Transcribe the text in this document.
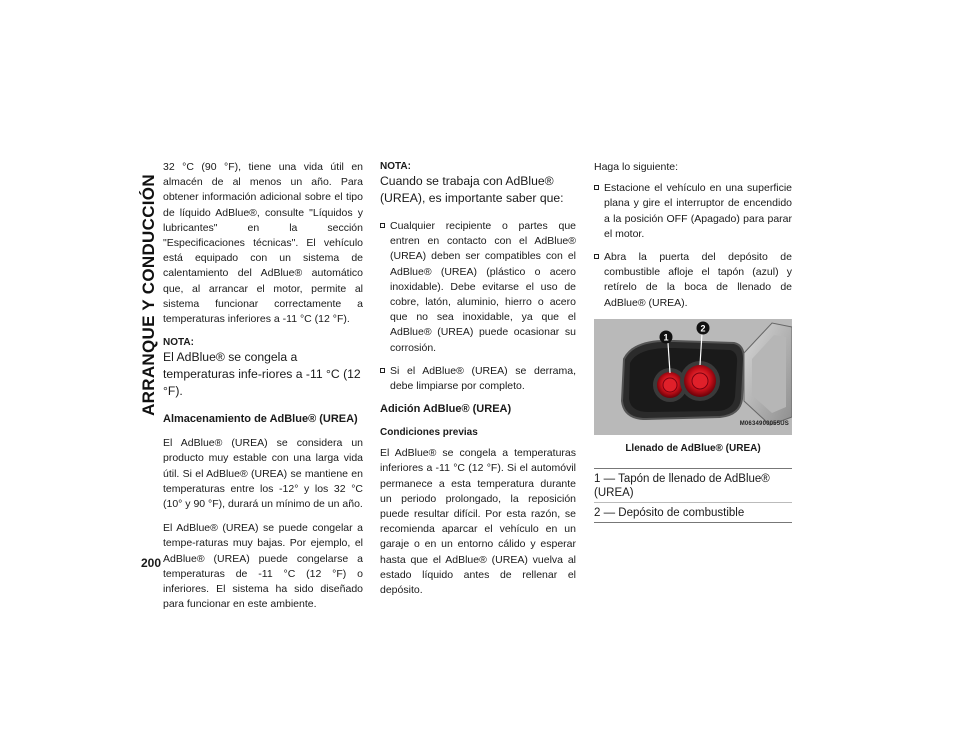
ARRANQUE Y CONDUCCIÓN
200

32 °C (90 °F), tiene una vida útil en almacén de al menos un año. Para obtener información adicional sobre el tipo de líquido AdBlue®, consulte "Líquidos y lubricantes" en la sección "Especificaciones técnicas". El vehículo está equipado con un sistema de calentamiento del AdBlue® automático que, al arrancar el motor, permite al sistema funcionar correctamente a temperaturas inferiores a -11 °C (12 °F).

NOTA:
El AdBlue® se congela a temperaturas infe-riores a -11 °C (12 °F).
Almacenamiento de AdBlue® (UREA)

El AdBlue® (UREA) se considera un producto muy estable con una larga vida útil. Si el AdBlue® (UREA) se mantiene en temperaturas entre los -12° y los 32 °C (10° y 90 °F), durará un mínimo de un año.

El AdBlue® (UREA) se puede congelar a tempe-raturas muy bajas. Por ejemplo, el AdBlue® (UREA) puede congelarse a temperaturas de -11 °C (12 °F) o inferiores. El sistema ha sido diseñado para funcionar en este ambiente.

NOTA:
Cuando se trabaja con AdBlue® (UREA), es importante saber que:
Cualquier recipiente o partes que entren en contacto con el AdBlue® (UREA) deben ser compatibles con el AdBlue® (UREA) (plástico o acero inoxidable). Debe evitarse el uso de cobre, latón, aluminio, hierro o acero que no sea inoxidable, ya que el AdBlue® (UREA) puede ocasionar su corrosión.
Si el AdBlue® (UREA) se derrama, debe limpiarse por completo.
Adición AdBlue® (UREA)
Condiciones previas

El AdBlue® se congela a temperaturas inferiores a -11 °C (12 °F). Si el automóvil permanece a esta temperatura durante un periodo prolongado, la reposición puede resultar difícil. Por esta razón, se recomienda aparcar el vehículo en un garaje o en un entorno cálido y esperar hasta que el AdBlue® (UREA) vuelva al estado líquido antes de rellenar el depósito.

Haga lo siguiente:

Estacione el vehículo en una superficie plana y gire el interruptor de encendido a la posición OFF (Apagado) para parar el motor.
Abra la puerta del depósito de combustible afloje el tapón (azul) y retírelo de la boca de llenado de AdBlue® (UREA).
1
2
M0634900055US
Llenado de AdBlue® (UREA)
1 — Tapón de llenado de AdBlue® (UREA)
2 — Depósito de combustible
